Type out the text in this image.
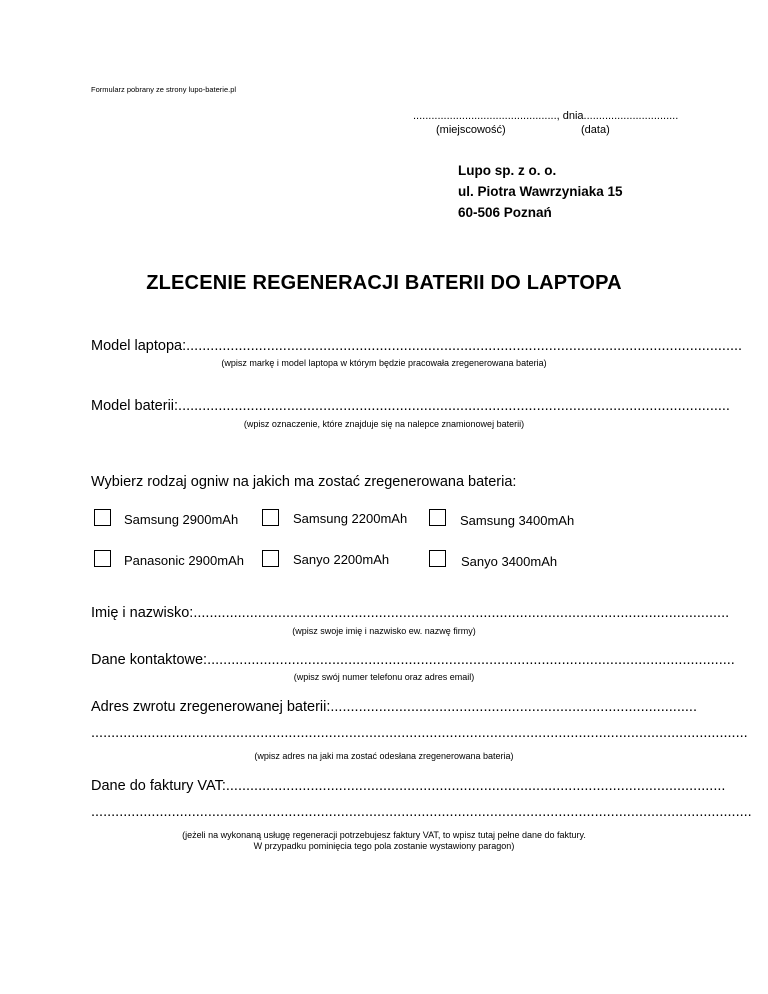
Formularz pobrany ze strony lupo-baterie.pl
..............................................., dnia...............................
(miejscowość)	(data)
Lupo sp. z o. o.
ul. Piotra Wawrzyniaka 15
60-506 Poznań
ZLECENIE REGENERACJI BATERII DO LAPTOPA
Model laptopa:..........................................................................................................................................
(wpisz markę i model laptopa w którym będzie pracowała zregenerowana bateria)
Model baterii:.........................................................................................................................................
(wpisz oznaczenie, które znajduje się na nalepce znamionowej baterii)
Wybierz rodzaj ogniw na jakich ma zostać zregenerowana bateria:
Samsung 2900mAh	Samsung 2200mAh	Samsung 3400mAh
Panasonic 2900mAh	Sanyo 2200mAh	Sanyo 3400mAh
Imię i nazwisko:.....................................................................................................................................
(wpisz swoje imię i nazwisko ew. nazwę firmy)
Dane kontaktowe:...................................................................................................................................
(wpisz swój numer telefonu oraz adres email)
Adres zwrotu zregenerowanej baterii:...........................................................................................
...................................................................................................................................................................
(wpisz adres na jaki ma zostać odesłana zregenerowana bateria)
Dane do faktury VAT:............................................................................................................................
....................................................................................................................................................................
(jeżeli na wykonaną usługę regeneracji potrzebujesz faktury VAT, to wpisz tutaj pełne dane do faktury.
W przypadku pominięcia tego pola zostanie wystawiony paragon)
